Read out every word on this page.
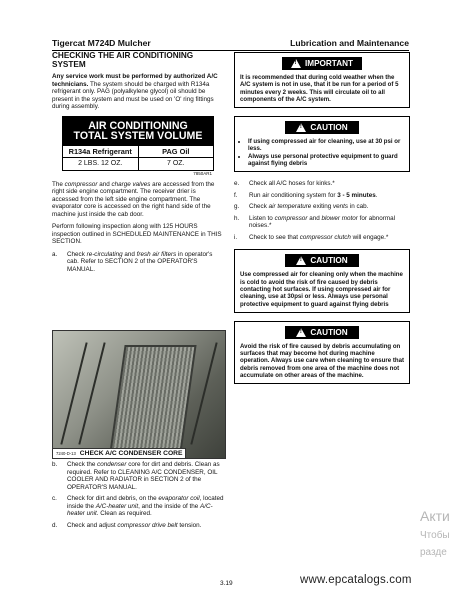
Tigercat M724D Mulcher	Lubrication and Maintenance
CHECKING THE AIR CONDITIONING SYSTEM

Any service work must be performed by authorized A/C technicians. The system should be charged with R134a refrigerant only. PAG (polyalkylene glycol) oil should be present in the system and must be used on 'O' ring fittings during assembly.

AIR CONDITIONING
TOTAL SYSTEM VOLUME
R134a Refrigerant	PAG Oil
2 LBS. 12 OZ.	7 OZ.
7850AR1

The compressor and charge valves are accessed from the right side engine compartment. The receiver drier is accessed from the left side engine compartment. The evaporator core is accessed on the right hand side of the machine just inside the cab door.

Perform following inspection along with 125 HOURS inspection outlined in SCHEDULED MAINTENANCE in THIS SECTION.

a. Check re-circulating and fresh air filters in operator's cab. Refer to SECTION 2 of the OPERATOR'S MANUAL.
7240-D-13 CHECK A/C CONDENSER CORE
b. Check the condenser core for dirt and debris. Clean as required. Refer to CLEANING A/C CONDENSER, OIL COOLER AND RADIATOR in SECTION 2 of the OPERATOR'S MANUAL.
c. Check for dirt and debris, on the evaporator coil, located inside the A/C-heater unit, and the inside of the A/C-heater unit. Clean as required.
d. Check and adjust compressor drive belt tension.
! IMPORTANT
It is recommended that during cold weather when the A/C system is not in use, that it be run for a period of 5 minutes every 2 weeks. This will circulate oil to all components of the A/C system.
! CAUTION
• If using compressed air for cleaning, use at 30 psi or less.
• Always use personal protective equipment to guard against flying debris
e. Check all A/C hoses for kinks.*
f. Run air conditioning system for 3 - 5 minutes.
g. Check air temperature exiting vents in cab.
h. Listen to compressor and blower motor for abnormal noises.*
i. Check to see that compressor clutch will engage.*
! CAUTION
Use compressed air for cleaning only when the machine is cold to avoid the risk of fire caused by debris contacting hot surfaces. If using compressed air for cleaning, use at 30psi or less. Always use personal protective equipment to guard against flying debris
! CAUTION
Avoid the risk of fire caused by debris accumulating on surfaces that may become hot during machine operation. Always use care when cleaning to ensure that debris removed from one area of the machine does not accumulate on other areas of the machine.
3.19	www.epcatalogs.com
Акти
Чтобы
разде
